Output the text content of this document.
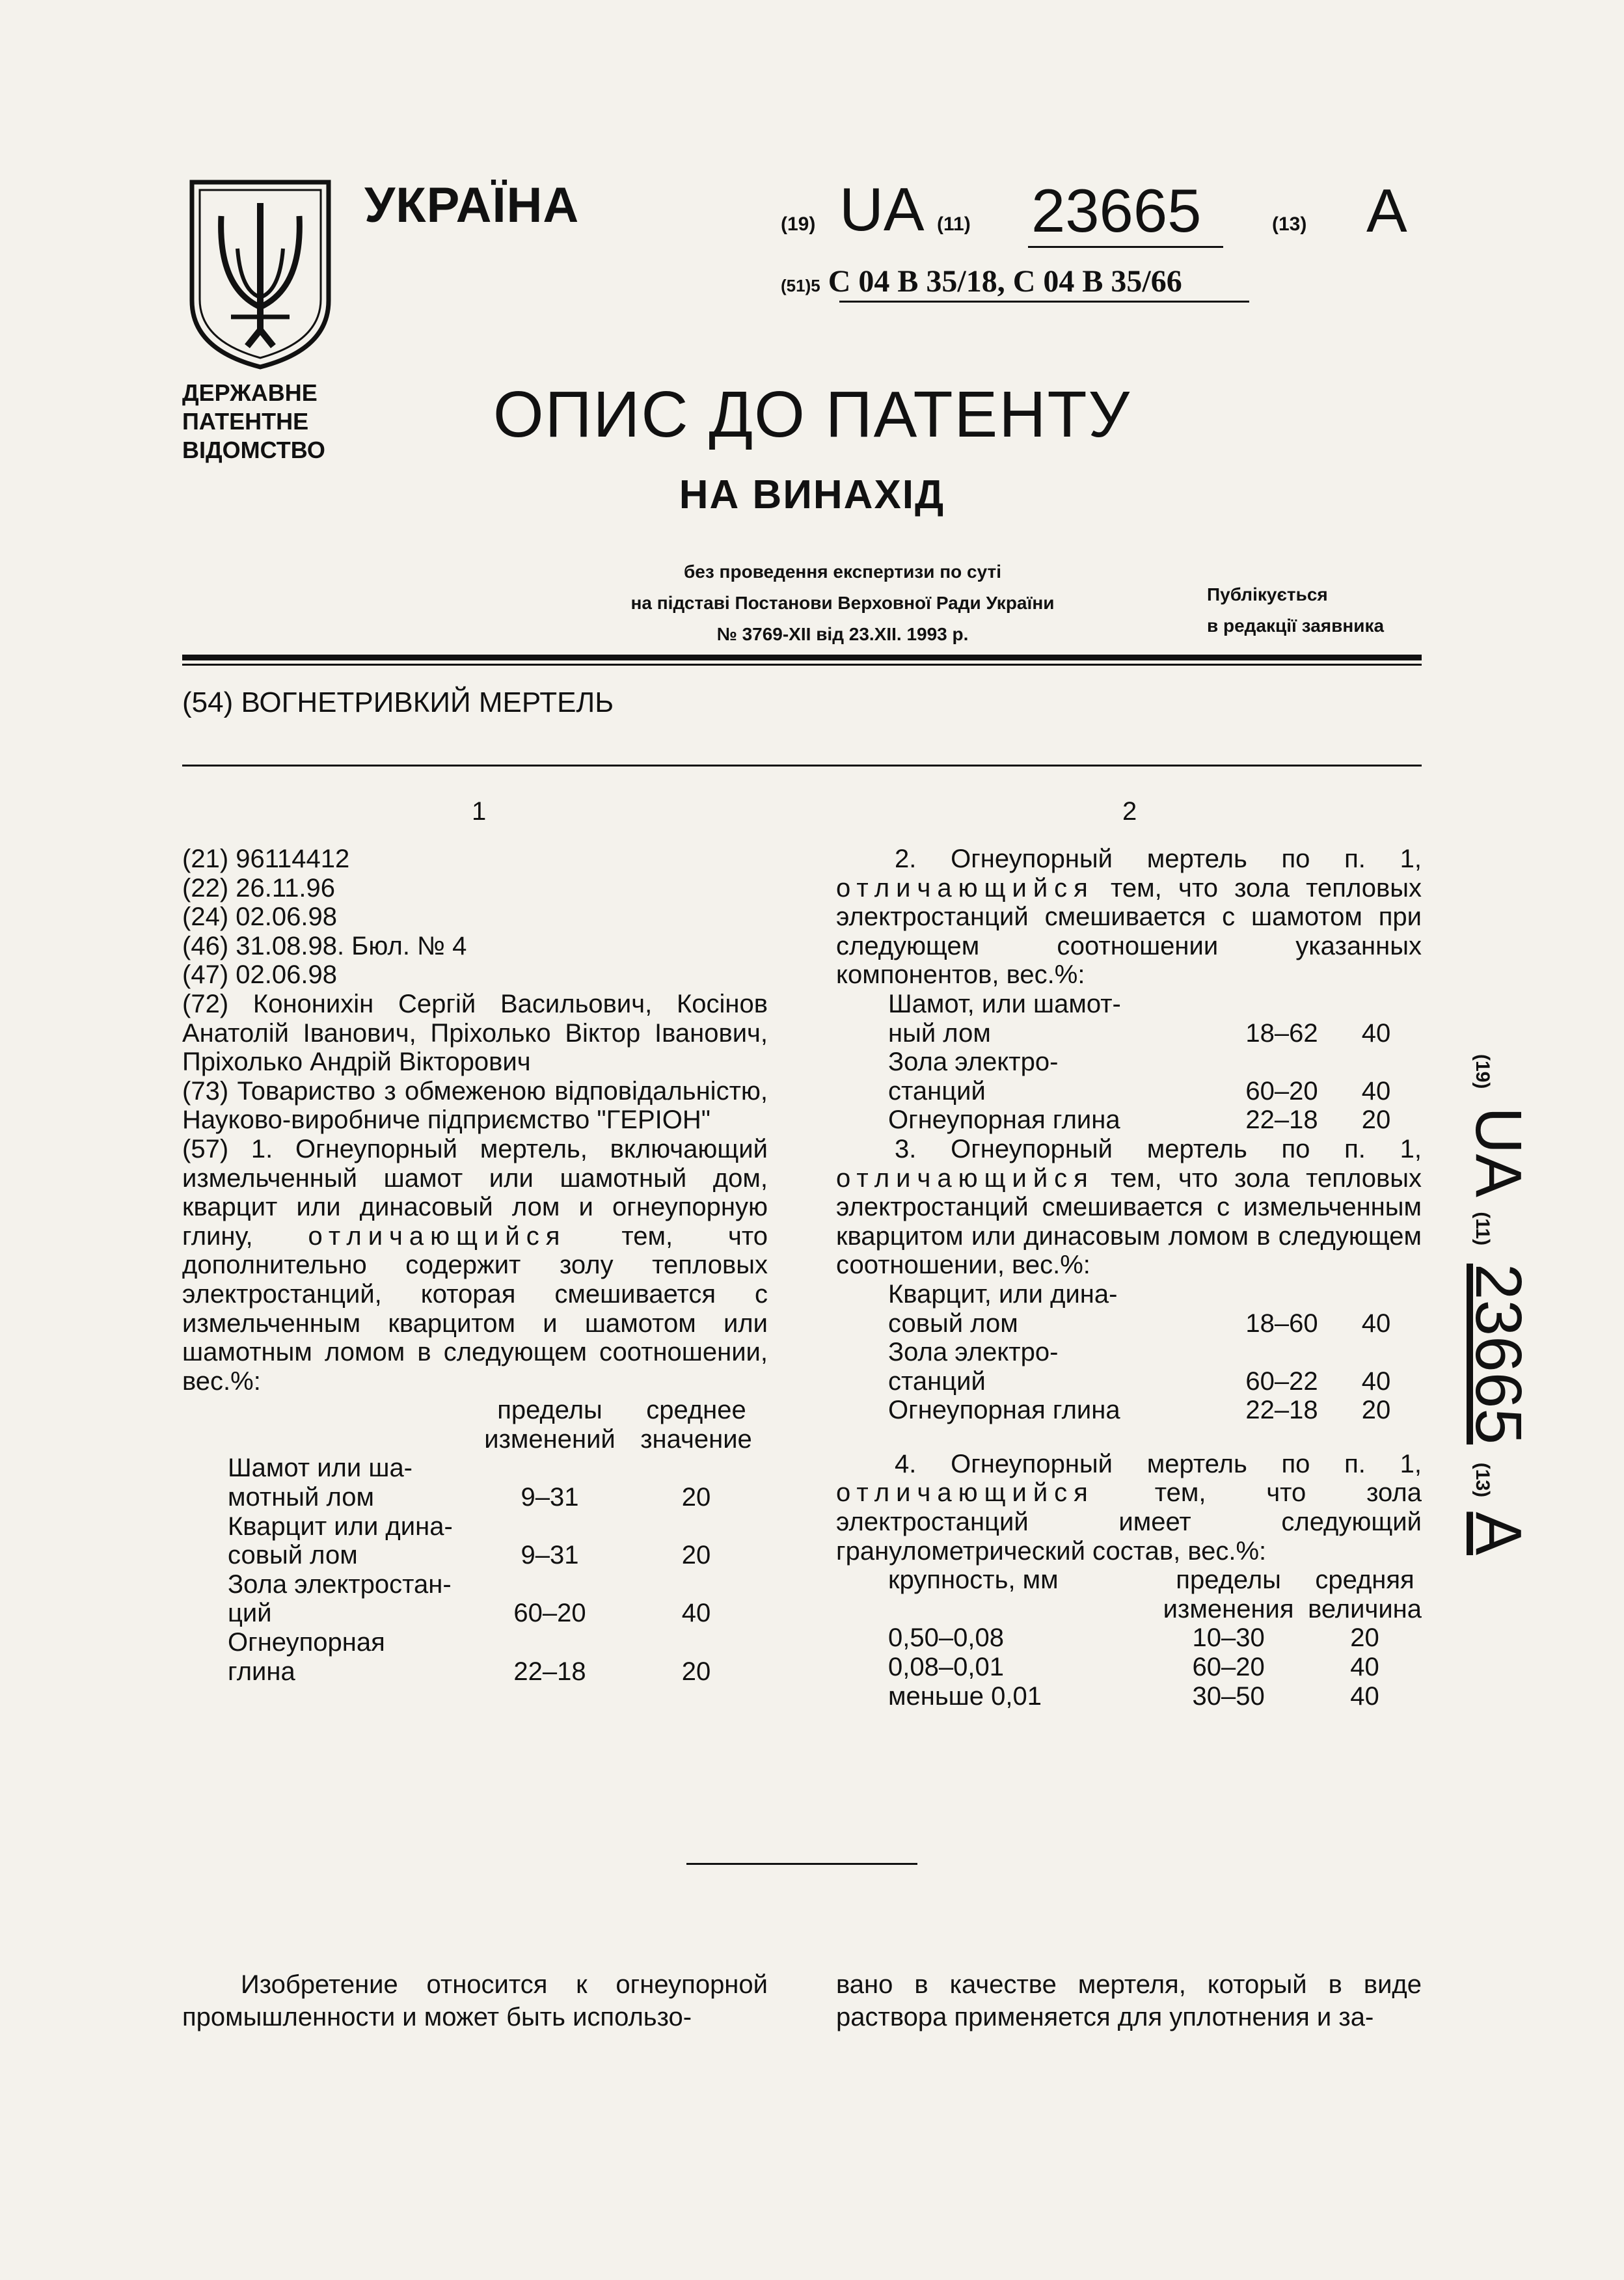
ДЕРЖАВНЕ
ПАТЕНТНЕ
ВІДОМСТВО
УКРАЇНА	(19) UA (11) 23665	(13) A
(51)5 С 04 В 35/18, С 04 В 35/66
ОПИС ДО ПАТЕНТУ
НА ВИНАХІД
без проведення експертизи по суті
на підставі Постанови Верховної Ради України
№ 3769-XII від 23.XII. 1993 р.
Публікується
в редакції заявника
(54) ВОГНЕТРИВКИЙ МЕРТЕЛЬ
1	2
(21) 96114412
(22) 26.11.96
(24) 02.06.98
(46) 31.08.98. Бюл. № 4
(47) 02.06.98

(72) Кононихін Сергій Васильович, Косінов Анатолій Іванович, Пріхолько Віктор Іванович, Пріхолько Андрій Вікторович

(73) Товариство з обмеженою відповідальністю, Науково-виробниче підприємство "ГЕРІОН"

(57) 1. Огнеупорный мертель, включающий измельченный шамот или шамотный дом, кварцит или динасовый лом и огнеупорную глину, отличающийся тем, что дополнительно содержит золу тепловых электростанций, которая смешивается с измельченным кварцитом и шамотом или шамотным ломом в следующем соотношении, вес.%:

	пределы изменений	среднее значение

Шамот или ша-
мотный лом	9–31	20

Кварцит или дина-
совый лом	9–31	20

Зола электростан-
ций	60–20	40

Огнеупорная
глина	22–18	20

2. Огнеупорный мертель по п. 1, отличающийся тем, что зола тепловых электростанций смешивается с шамотом при следующем соотношении указанных компонентов, вес.%:

Шамот, или шамот-
ный лом	18–62	40

Зола электро-
станций	60–20	40
Огнеупорная глина	22–18	20

3. Огнеупорный мертель по п. 1, отличающийся тем, что зола тепловых электростанций смешивается с измельченным кварцитом или динасовым ломом в следующем соотношении, вес.%:

Кварцит, или дина-
совый лом	18–60	40

Зола электро-
станций	60–22	40
Огнеупорная глина	22–18	20

4. Огнеупорный мертель по п. 1, отличающийся тем, что зола электростанций имеет следующий гранулометрический состав, вес.%:

крупность, мм	пределы изменения	средняя величина
0,50–0,08	10–30	20
0,08–0,01	60–20	40
меньше 0,01	30–50	40
(19) UA (11) 23665 (13) A
Изобретение относится к огнеупорной промышленности и может быть использо-
вано в качестве мертеля, который в виде раствора применяется для уплотнения и за-
